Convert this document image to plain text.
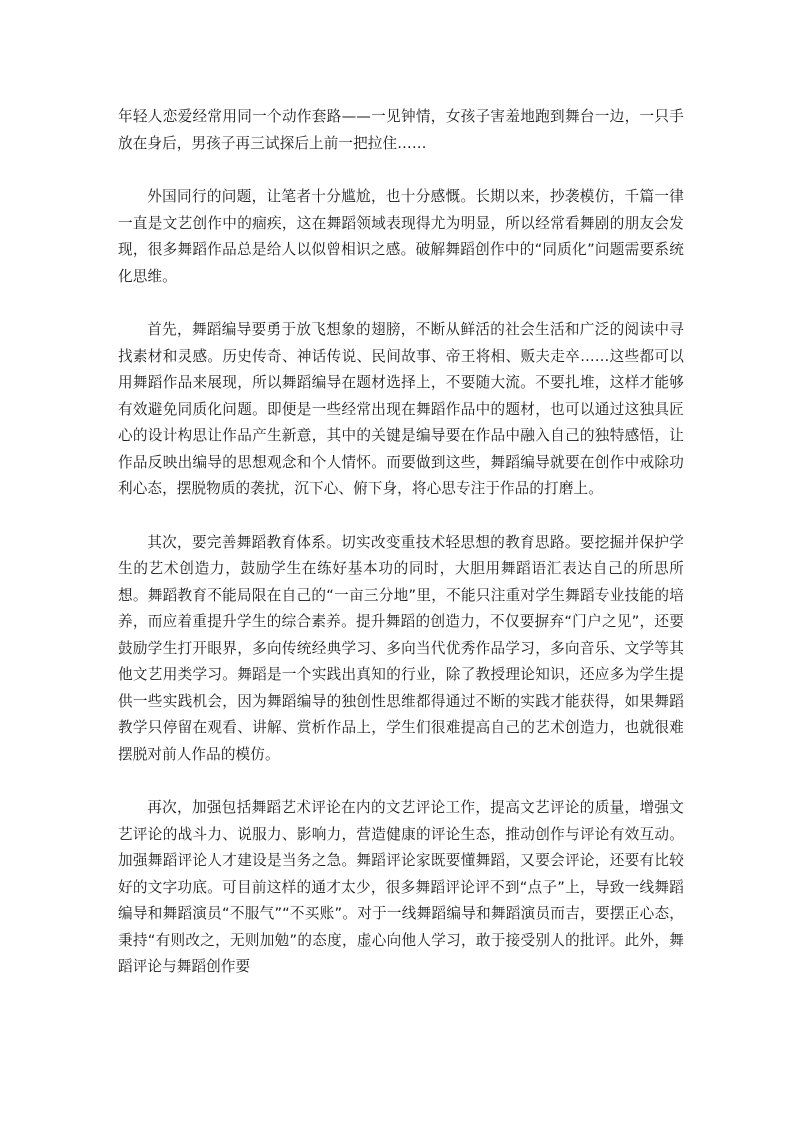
年轻人恋爱经常用同一个动作套路——一见钟情，女孩子害羞地跑到舞台一边，一只手放在身后，男孩子再三试探后上前一把拉住……

外国同行的问题，让笔者十分尴尬，也十分感慨。长期以来，抄袭模仿，千篇一律一直是文艺创作中的痼疾，这在舞蹈领域表现得尤为明显，所以经常看舞剧的朋友会发现，很多舞蹈作品总是给人以似曾相识之感。破解舞蹈创作中的“同质化”问题需要系统化思维。

首先，舞蹈编导要勇于放飞想象的翅膀，不断从鲜活的社会生活和广泛的阅读中寻找素材和灵感。历史传奇、神话传说、民间故事、帝王将相、贩夫走卒……这些都可以用舞蹈作品来展现，所以舞蹈编导在题材选择上，不要随大流。不要扎堆，这样才能够有效避免同质化问题。即便是一些经常出现在舞蹈作品中的题材，也可以通过这独具匠心的设计构思让作品产生新意，其中的关键是编导要在作品中融入自己的独特感悟，让作品反映出编导的思想观念和个人情怀。而要做到这些，舞蹈编导就要在创作中戒除功利心态，摆脱物质的袭扰，沉下心、俯下身，将心思专注于作品的打磨上。

其次，要完善舞蹈教育体系。切实改变重技术轻思想的教育思路。要挖掘并保护学生的艺术创造力，鼓励学生在练好基本功的同时，大胆用舞蹈语汇表达自己的所思所想。舞蹈教育不能局限在自己的“一亩三分地”里，不能只注重对学生舞蹈专业技能的培养，而应着重提升学生的综合素养。提升舞蹈的创造力，不仅要摒弃“门户之见”，还要鼓励学生打开眼界，多向传统经典学习、多向当代优秀作品学习，多向音乐、文学等其他文艺用类学习。舞蹈是一个实践出真知的行业，除了教授理论知识，还应多为学生提供一些实践机会，因为舞蹈编导的独创性思维都得通过不断的实践才能获得，如果舞蹈教学只停留在观看、讲解、赏析作品上，学生们很难提高自己的艺术创造力，也就很难摆脱对前人作品的模仿。

再次，加强包括舞蹈艺术评论在内的文艺评论工作，提高文艺评论的质量，增强文艺评论的战斗力、说服力、影响力，营造健康的评论生态，推动创作与评论有效互动。加强舞蹈评论人才建设是当务之急。舞蹈评论家既要懂舞蹈，又要会评论，还要有比较好的文字功底。可目前这样的通才太少，很多舞蹈评论评不到“点子”上，导致一线舞蹈编导和舞蹈演员“不服气”“不买账”。对于一线舞蹈编导和舞蹈演员而吉，要摆正心态，秉持“有则改之，无则加勉”的态度，虚心向他人学习，敢于接受别人的批评。此外，舞蹈评论与舞蹈创作要
